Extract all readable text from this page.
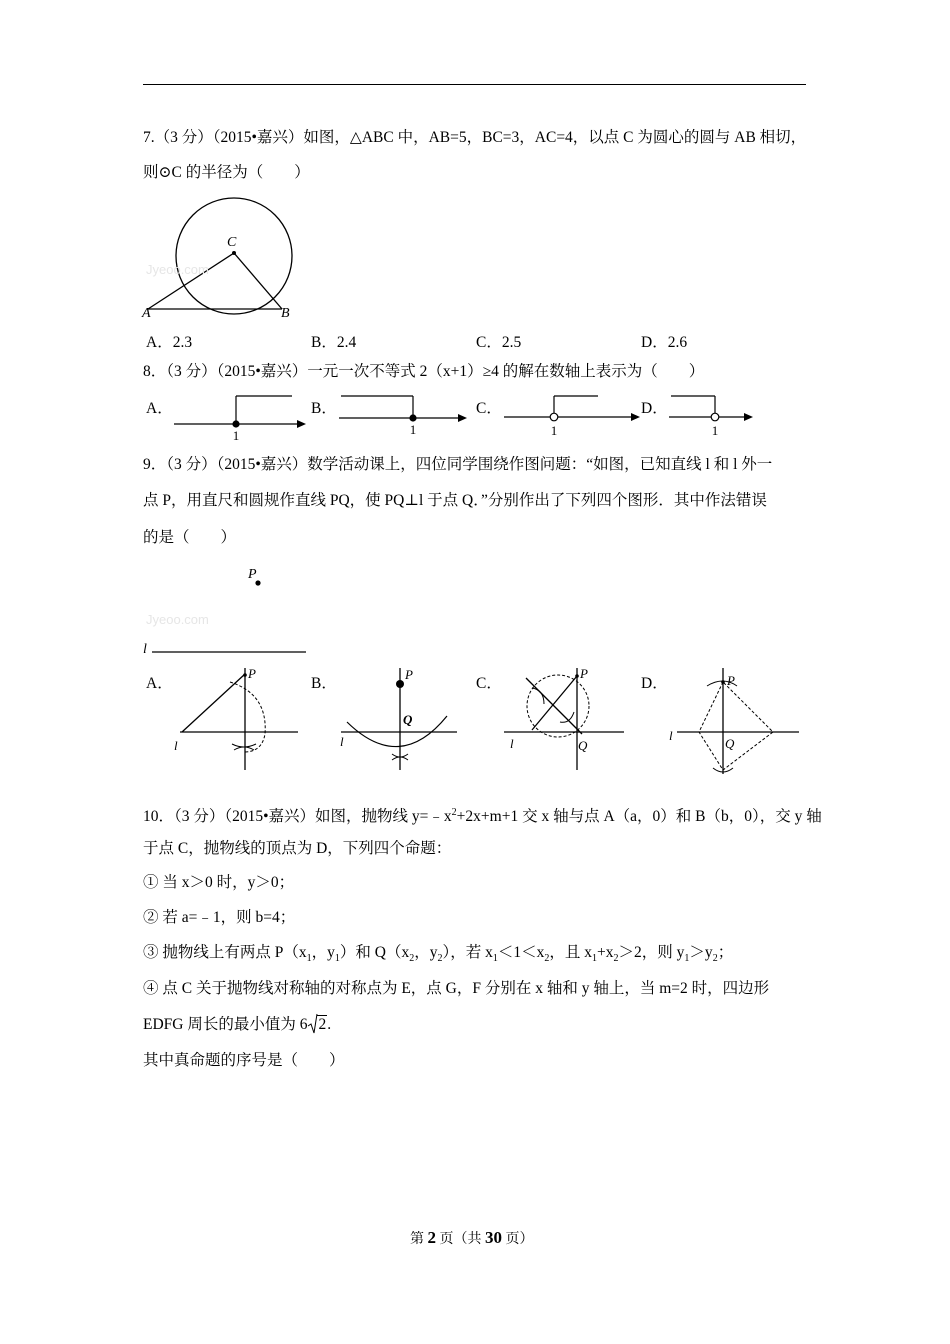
7.（3 分）（2015•嘉兴）如图，△ABC 中，AB=5，BC=3，AC=4，以点 C 为圆心的圆与 AB 相切，
则⊙C 的半径为（　　）
C
A	B
Jyeoo.com
A．2.3	B．2.4	C．2.5	D．2.6
8．（3 分）（2015•嘉兴）一元一次不等式 2（x+1）≥4 的解在数轴上表示为（　　）
A．
1
B．
1
C．
1
D．
1
9．（3 分）（2015•嘉兴）数学活动课上，四位同学围绕作图问题：“如图，已知直线 l 和 l 外一
点 P，用直尺和圆规作直线 PQ，使 PQ⊥l 于点 Q．”分别作出了下列四个图形．其中作法错误
的是（　　）
P
l
Jyeoo.com
A．
P
l
B．
P
Q
l
C．
P
Q
l
D．	P
Q
l
10．（3 分）（2015•嘉兴）如图，抛物线 $y=﹣x^2+2x+m+1$ 交 x 轴与点 A（a，0）和 B（b，0），交 y 轴
于点 C，抛物线的顶点为 D，下列四个命题：
① 当 x＞0 时，y＞0；
② 若 a=﹣1，则 b=4；
③ 抛物线上有两点 $P(x_1$，$y_1$）和 $Q(x_2$，$y_2$），若 $x_1<1<x_2$，且 $x_1+x_2>2$，则 $y_1>y_2$；
④ 点 C 关于抛物线对称轴的对称点为 E，点 G，F 分别在 x 轴和 y 轴上，当 m=2 时，四边形
EDFG 周长的最小值为 6 2.
其中真命题的序号是（　　）
第 2 页（共 30 页）
